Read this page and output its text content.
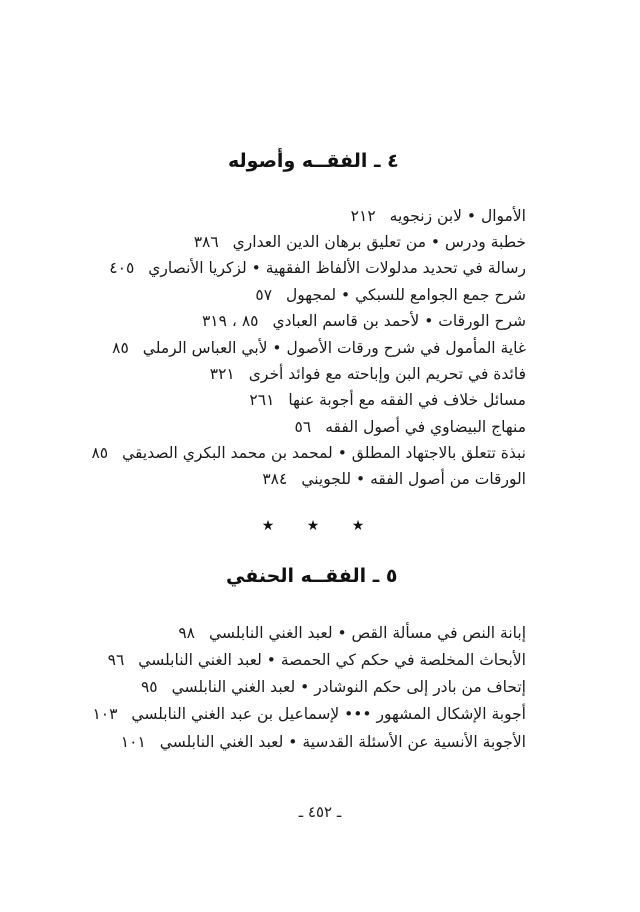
٤ ـ الفقــه وأصوله
الأموال • لابن زنجويه٢١٢
خطبة ودرس • من تعليق برهان الدين العداري٣٨٦
رسالة في تحديد مدلولات الألفاظ الفقهية • لزكريا الأنصاري٤٠٥
شرح جمع الجوامع للسبكي • لمجهول٥٧
شرح الورقات • لأحمد بن قاسم العبادي٨٥ ، ٣١٩
غاية المأمول في شرح ورقات الأصول • لأبي العباس الرملي٨٥
فائدة في تحريم البن وإباحته مع فوائد أخرى٣٢١
مسائل خلاف في الفقه مع أجوبة عنها٢٦١
منهاج البيضاوي في أصول الفقه٥٦
نبذة تتعلق بالاجتهاد المطلق • لمحمد بن محمد البكري الصديقي٨٥
الورقات من أصول الفقه • للجويني٣٨٤
★ ★ ★
٥ ـ الفقــه الحنفي
إبانة النص في مسألة القص • لعبد الغني النابلسي٩٨
الأبحاث المخلصة في حكم كي الحمصة • لعبد الغني النابلسي٩٦
إتحاف من بادر إلى حكم النوشادر • لعبد الغني النابلسي٩٥
أجوبة الإشكال المشهور ••• لإسماعيل بن عبد الغني النابلسي١٠٣
الأجوبة الأنسية عن الأسئلة القدسية • لعبد الغني النابلسي١٠١
ـ ٤٥٢ ـ
